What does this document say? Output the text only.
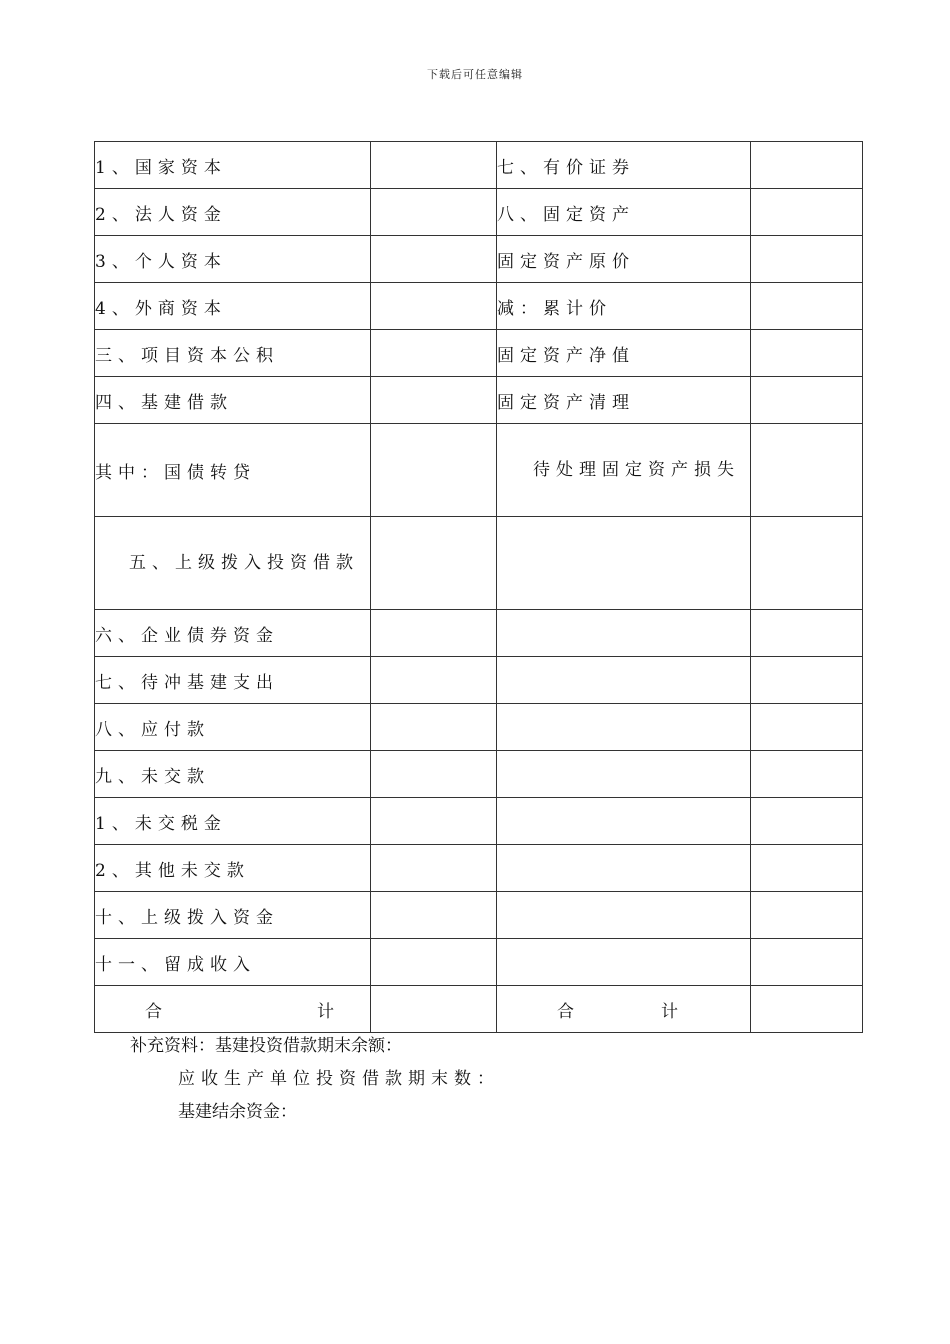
下载后可任意编辑
1、国家资本		七、有价证券	
2、法人资金		八、固定资产	
3、个人资本		固定资产原价	
4、外商资本		减：累计价	
三、项目资本公积		固定资产净值	
四、基建借款		固定资产清理	
其中：国债转贷		待处理固定资产损失	
五、上级拨入投资借款			
六、企业债券资金			
七、待冲基建支出			
八、应付款			
九、未交款			
1、未交税金			
2、其他未交款			
十、上级拨入资金			
十一、留成收入			

合 计		合 计	

补充资料：基建投资借款期末余额：
应收生产单位投资借款期末数：
基建结余资金：
